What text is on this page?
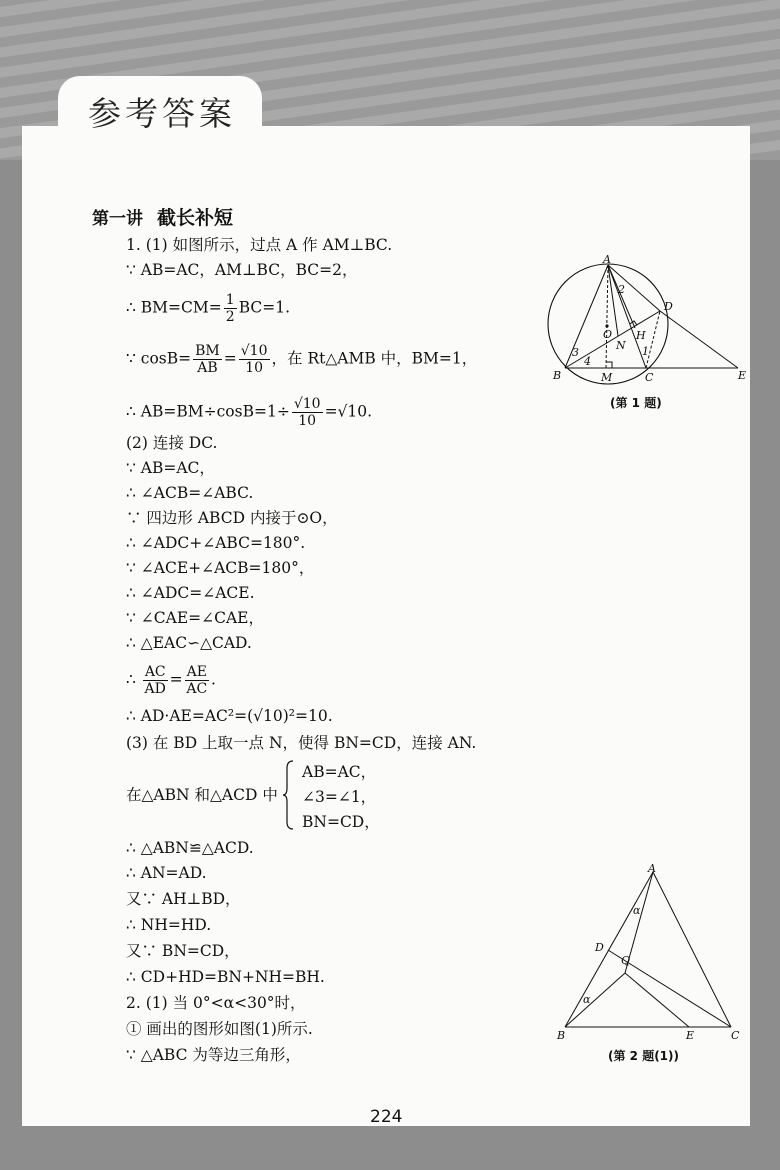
参考答案
第一讲 截长补短
1. (1) 如图所示，过点 A 作 AM⊥BC.
∵ AB=AC，AM⊥BC，BC=2，
∴ $BM=CM= \frac{1}{2} BC=1$.
∵ $\cos B= \frac{BM}{AB} = \frac{√10}{10}$ ，在 Rt△AMB 中，BM=1，
∴ $AB=BM\div\cos B=1\div \frac{√10}{10} =√10$.
(2) 连接 DC.
∵ AB=AC，
∴ ∠ACB=∠ABC.
∵ 四边形 ABCD 内接于⊙O，
∴ ∠ADC+∠ABC=180°.
∵ ∠ACE+∠ACB=180°，
∴ ∠ADC=∠ACE.
∵ ∠CAE=∠CAE，
∴ △EAC∽△CAD.
∴ $\frac{AC}{AD} = \frac{AE}{AC}$ .
∴ AD·AE=AC²=(√10)²=10.
(3) 在 BD 上取一点 N，使得 BN=CD，连接 AN.
在△ABN 和△ACD 中
AB=AC，
∠3=∠1，
BN=CD，
∴ △ABN≌△ACD.
∴ AN=AD.
又∵ AH⊥BD，
∴ NH=HD.
又∵ BN=CD，
∴ CD+HD=BN+NH=BH.
2. (1) 当 0°<α<30°时，
① 画出的图形如图(1)所示.
∵ △ABC 为等边三角形，
A
B	C
D
E
M
N
H
O
1
2
3
4
(第 1 题)
A
B	C
D
E
Q
α
α
(第 2 题(1))
224
